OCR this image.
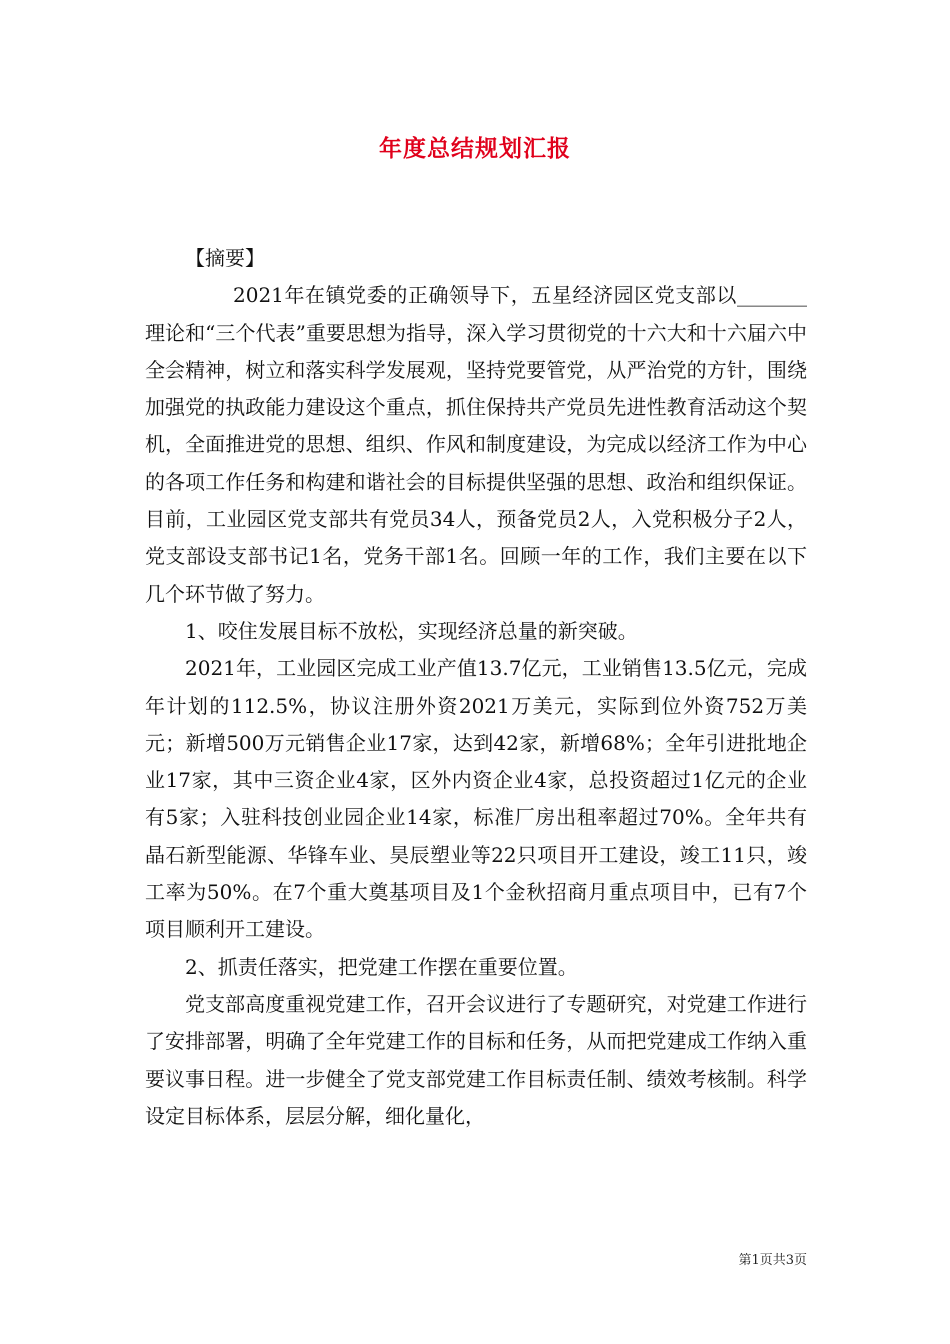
年度总结规划汇报

【摘要】

2021年在镇党委的正确领导下，五星经济园区党支部以_______理论和“三个代表”重要思想为指导，深入学习贯彻党的十六大和十六届六中全会精神，树立和落实科学发展观，坚持党要管党，从严治党的方针，围绕加强党的执政能力建设这个重点，抓住保持共产党员先进性教育活动这个契机，全面推进党的思想、组织、作风和制度建设，为完成以经济工作为中心的各项工作任务和构建和谐社会的目标提供坚强的思想、政治和组织保证。目前，工业园区党支部共有党员34人，预备党员2人，入党积极分子2人，党支部设支部书记1名，党务干部1名。回顾一年的工作，我们主要在以下几个环节做了努力。

1、咬住发展目标不放松，实现经济总量的新突破。

2021年，工业园区完成工业产值13.7亿元，工业销售13.5亿元，完成年计划的112.5%，协议注册外资2021万美元，实际到位外资752万美元；新增500万元销售企业17家，达到42家，新增68%；全年引进批地企业17家，其中三资企业4家，区外内资企业4家，总投资超过1亿元的企业有5家；入驻科技创业园企业14家，标准厂房出租率超过70%。全年共有晶石新型能源、华锋车业、昊辰塑业等22只项目开工建设，竣工11只，竣工率为50%。在7个重大奠基项目及1个金秋招商月重点项目中，已有7个项目顺利开工建设。

2、抓责任落实，把党建工作摆在重要位置。

党支部高度重视党建工作，召开会议进行了专题研究，对党建工作进行了安排部署，明确了全年党建工作的目标和任务，从而把党建成工作纳入重要议事日程。进一步健全了党支部党建工作目标责任制、绩效考核制。科学设定目标体系，层层分解，细化量化，

第1页共3页
